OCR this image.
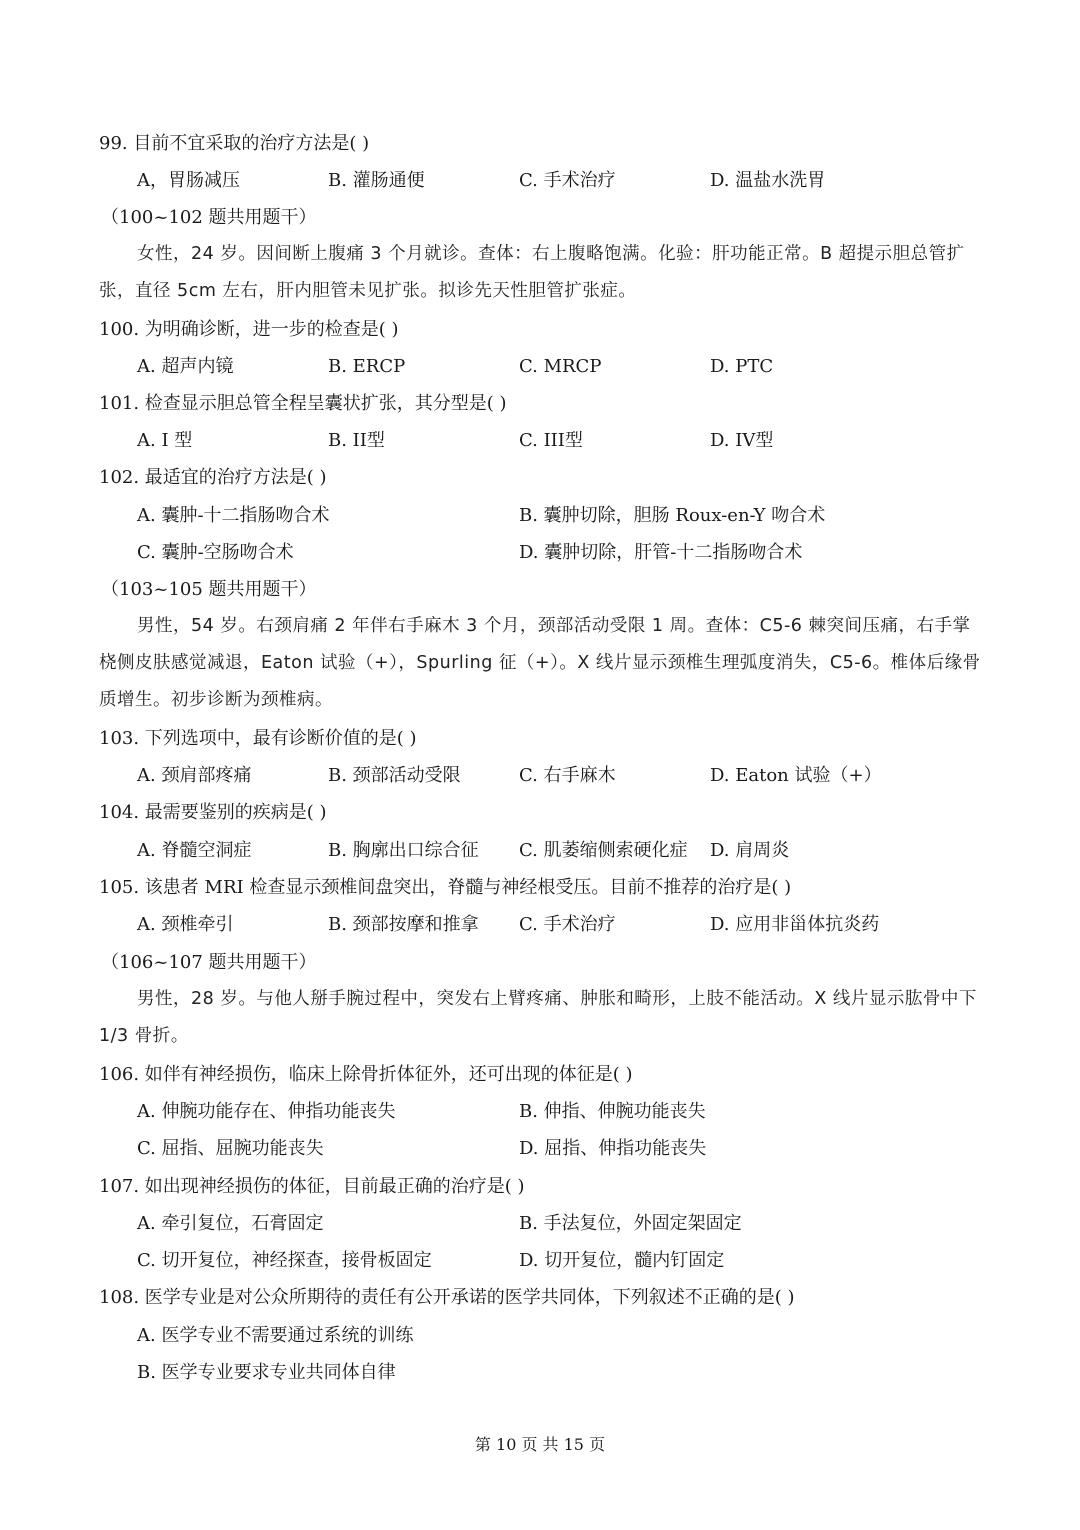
99. 目前不宜采取的治疗方法是( )
A，胃肠减压	B. 灌肠通便	C. 手术治疗	D. 温盐水洗胃
（100~102 题共用题干）
女性，24 岁。因间断上腹痛 3 个月就诊。查体：右上腹略饱满。化验：肝功能正常。B 超提示胆总管扩张，直径 5cm 左右，肝内胆管未见扩张。拟诊先天性胆管扩张症。
100. 为明确诊断，进一步的检查是( )
A. 超声内镜	B. ERCP	C. MRCP	D. PTC
101. 检查显示胆总管全程呈囊状扩张，其分型是( )
A. I 型	B. II型	C. III型	D. IV型
102. 最适宜的治疗方法是( )
A. 囊肿-十二指肠吻合术	B. 囊肿切除，胆肠 Roux-en-Y 吻合术
C. 囊肿-空肠吻合术	D. 囊肿切除，肝管-十二指肠吻合术
（103~105 题共用题干）
男性，54 岁。右颈肩痛 2 年伴右手麻木 3 个月，颈部活动受限 1 周。查体：C5-6 棘突间压痛，右手掌桡侧皮肤感觉减退，Eaton 试验（+），Spurling 征（+）。X 线片显示颈椎生理弧度消失，C5-6。椎体后缘骨质增生。初步诊断为颈椎病。
103. 下列选项中，最有诊断价值的是( )
A. 颈肩部疼痛	B. 颈部活动受限	C. 右手麻木	D. Eaton 试验（+）
104. 最需要鉴别的疾病是( )
A. 脊髓空洞症	B. 胸廓出口综合征 C. 肌萎缩侧索硬化症 D. 肩周炎
105. 该患者 MRI 检查显示颈椎间盘突出，脊髓与神经根受压。目前不推荐的治疗是( )
A. 颈椎牵引	B. 颈部按摩和推拿 C. 手术治疗	D. 应用非甾体抗炎药
（106~107 题共用题干）
男性，28 岁。与他人掰手腕过程中，突发右上臂疼痛、肿胀和畸形，上肢不能活动。X 线片显示肱骨中下 1/3 骨折。
106. 如伴有神经损伤，临床上除骨折体征外，还可出现的体征是( )
A. 伸腕功能存在、伸指功能丧失	B. 伸指、伸腕功能丧失
C. 屈指、屈腕功能丧失	D. 屈指、伸指功能丧失
107. 如出现神经损伤的体征，目前最正确的治疗是( )
A. 牵引复位，石膏固定	B. 手法复位，外固定架固定
C. 切开复位，神经探查，接骨板固定	D. 切开复位，髓内钉固定
108. 医学专业是对公众所期待的责任有公开承诺的医学共同体，下列叙述不正确的是( )
A. 医学专业不需要通过系统的训练
B. 医学专业要求专业共同体自律
第 10 页 共 15 页
